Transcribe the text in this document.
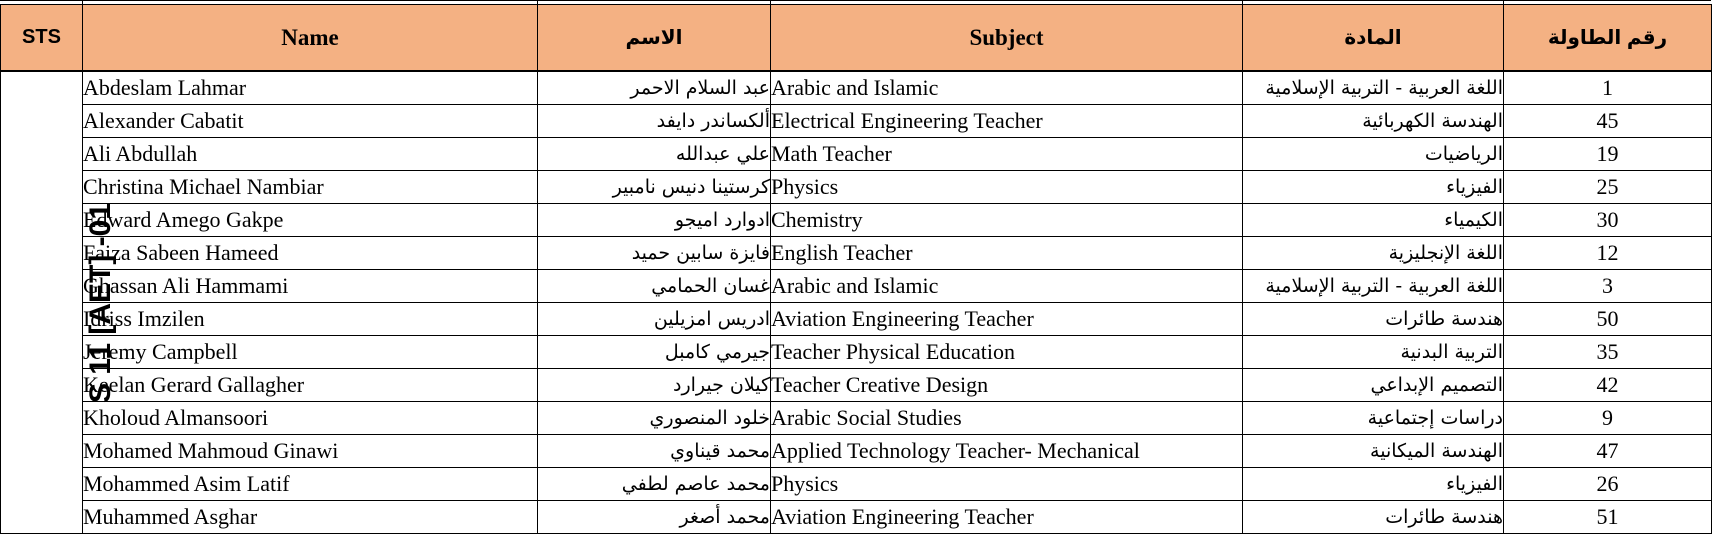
STS	Name	الاسم	Subject	المادة	رقم الطاولة
S 11 [AET] -01	Abdeslam Lahmar	عبد السلام الاحمر	Arabic and Islamic	اللغة العربية - التربية الإسلامية	1
	Alexander Cabatit	ألكساندر دايفد	Electrical Engineering Teacher	الهندسة الكهربائية	45
	Ali Abdullah	علي عبدالله	Math Teacher	الرياضيات	19
	Christina Michael Nambiar	كرستينا دنيس نامبير	Physics	الفيزياء	25
	Edward Amego Gakpe	ادوارد اميجو	Chemistry	الكيمياء	30
	Faiza Sabeen Hameed	فايزة سابين حميد	English Teacher	اللغة الإنجليزية	12
	Ghassan Ali Hammami	غسان الحمامي	Arabic and Islamic	اللغة العربية - التربية الإسلامية	3
	Idriss Imzilen	ادريس امزيلين	Aviation Engineering Teacher	هندسة طائرات	50
	Jeremy Campbell	جيرمي كامبل	Teacher Physical Education	التربية البدنية	35
	Keelan Gerard Gallagher	كيلان جيرارد	Teacher Creative Design	التصميم الإبداعي	42
	Kholoud Almansoori	خلود المنصوري	Arabic Social Studies	دراسات إجتماعية	9
	Mohamed Mahmoud Ginawi	محمد قيناوي	Applied Technology Teacher- Mechanical	الهندسة الميكانية	47
	Mohammed Asim Latif	محمد عاصم لطفي	Physics	الفيزياء	26
	Muhammed Asghar	محمد أصغر	Aviation Engineering Teacher	هندسة طائرات	51
